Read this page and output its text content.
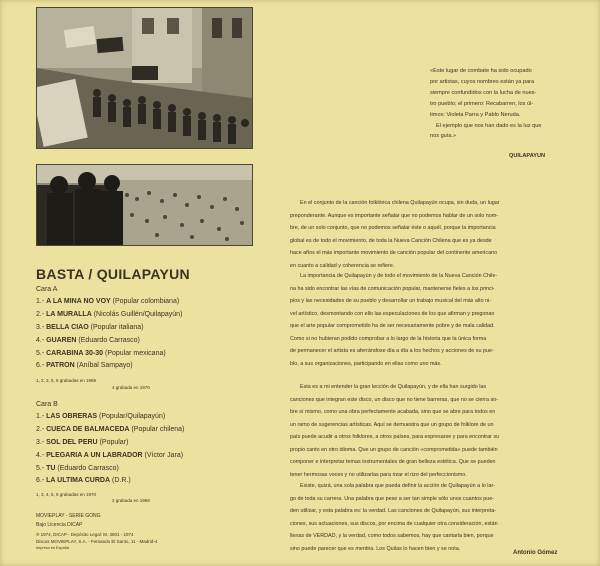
BASTA / QUILAPAYUN
Cara A
1.- A LA MINA NO VOY (Popular colombiana)
2.- LA MURALLA (Nicolás Guillén/Quilapayún)
3.- BELLA CIAO (Popular italiana)
4.- GUAREN (Eduardo Carrasco)
5.- CARABINA 30-30 (Popular mexicana)
6.- PATRON (Aníbal Sampayo)
1, 2, 3, 5, 6 grabadas en 1969
4 grabada en 1970
Cara B
1.- LAS OBRERAS (Popular/Quilapayún)
2.- CUECA DE BALMACEDA (Popular chilena)
3.- SOL DEL PERU (Popular)
4.- PLEGARIA A UN LABRADOR (Víctor Jara)
5.- TU (Eduardo Carrasco)
6.- LA ULTIMA CURDA (D.R.)
1, 3, 4, 5, 6 grabadas en 1970
2 grabada en 1969
MOVIEPLAY - SERIE GONG
Bajo Licencia DICAP
℗ 1974, DICAP - Depósito Legal: M. 3601 - 1974
Discos MOVIEPLAY, S.A. - Fernando El Santo, 11 - Madrid-4
Impreso en España
«Este lugar de combate ha sido ocupado
por artistas, cuyos nombres están ya para
siempre confundidos con la lucha de nues-
tro pueblo; el primero: Recabarren, los úl-
timos: Violeta Parra y Pablo Neruda.
El ejemplo que nos han dado es la luz que
nos guía.»
QUILAPAYUN
En el conjunto de la canción folklórica chilena Quilapayún ocupa, sin duda, un lugar
preponderante. Aunque es importante señalar que no podemos hablar de un solo nom-
bre, de un solo conjunto, que no podemos señalar éste o aquél, porque la importancia
global es de todo el movimiento, de toda la Nueva Canción Chilena que es ya desde
hace años el más importante movimiento de canción popular del continente americano
en cuanto a calidad y coherencia se refiere.
La importancia de Quilapayún y de todo el movimiento de la Nueva Canción Chile-
na ha sido encontrar las vías de comunicación popular, mantenerse fieles a los princi-
pios y las necesidades de su pueblo y desarrollar un trabajo musical del más alto ni-
vel artístico, desmontando con ello las especulaciones de los que afirman y pregonan
que el arte popular comprometido ha de ser necesariamente pobre y de mala calidad.
Como si no hubieran podido comprobar a lo largo de la historia que la única forma
de permanecer el artista es aferrándose día a día a los hechos y acciones de su pue-
blo, a sus organizaciones, participando en ellas como uno más.
Esta es a mi entender la gran lección de Quilapayún, y de ella han surgido las
canciones que integran este disco, un disco que no tiene barreras, que no se cierra so-
bre sí mismo, como una obra perfectamente acabada, sino que se abre para todos en
un ramo de sugerencias artísticas. Aquí se demuestra que un grupo de folklore de un
país puede acudir a otros folklores, a otros países, para expresarse y para encontrar su
propio canto en otro idioma. Que un grupo de canción «comprometida» puede también
componer e interpretar temas instrumentales de gran belleza estética. Que se pueden
tener hermosas voces y no utilizarlas para rizar el rizo del perfeccionismo.
Existe, quizá, una sola palabra que pueda definir la acción de Quilapayún a lo lar-
go de toda su carrera. Una palabra que pese a ser tan simple sólo unos cuantos pue-
den utilizar, y esta palabra es: la verdad. Las canciones de Quilapayún, sus interpreta-
ciones, sus actuaciones, sus discos, por encima de cualquier otra consideración, están
llenas de VERDAD, y la verdad, como todos sabemos, hay que cantarla bien, porque
sino puede parecer que es mentira. Los Quilas lo hacen bien y se nota.
Antonio Gómez
